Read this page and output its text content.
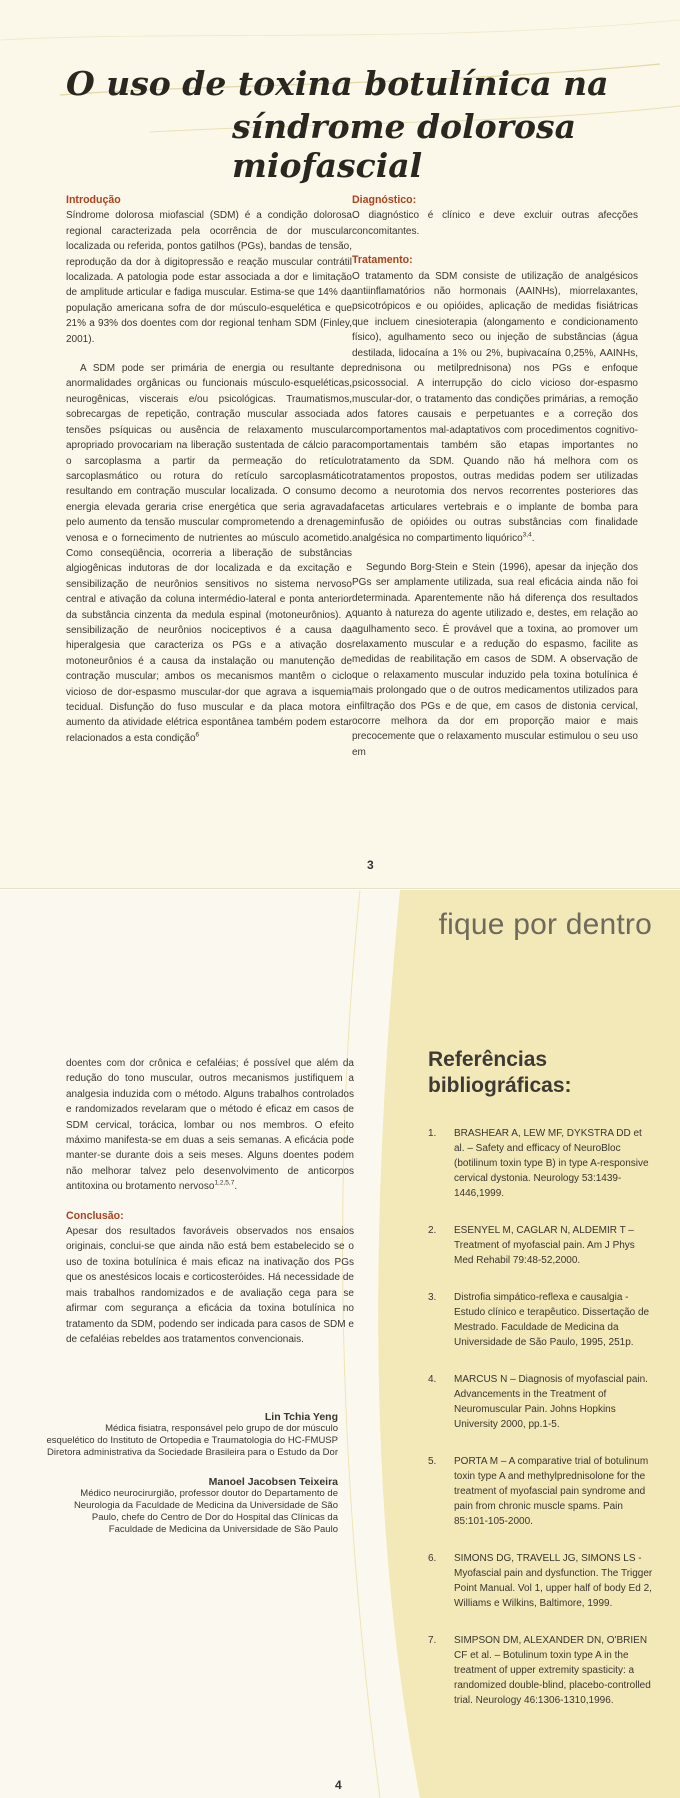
O uso de toxina botulínica na
síndrome dolorosa miofascial

Introdução

Síndrome dolorosa miofascial (SDM) é a condição dolorosa regional caracterizada pela ocorrência de dor muscular localizada ou referida, pontos gatilhos (PGs), bandas de tensão, reprodução da dor à digitopressão e reação muscular contrátil localizada. A patologia pode estar associada a dor e limitação de amplitude articular e fadiga muscular. Estima-se que 14% da população americana sofra de dor músculo-esquelética e que 21% a 93% dos doentes com dor regional tenham SDM (Finley, 2001).

A SDM pode ser primária de energia ou resultante de anormalidades orgânicas ou funcionais músculo-esqueléticas, neurogênicas, viscerais e/ou psicológicas. Traumatismos, sobrecargas de repetição, contração muscular associada a tensões psíquicas ou ausência de relaxamento muscular apropriado provocariam na liberação sustentada de cálcio para o sarcoplasma a partir da permeação do retículo sarcoplasmático ou rotura do retículo sarcoplasmático resultando em contração muscular localizada. O consumo de energia elevada geraria crise energética que seria agravada pelo aumento da tensão muscular comprometendo a drenagem venosa e o fornecimento de nutrientes ao músculo acometido. Como conseqüência, ocorreria a liberação de substâncias algiogênicas indutoras de dor localizada e da excitação e sensibilização de neurônios sensitivos no sistema nervoso central e ativação da coluna intermédio-lateral e ponta anterior da substância cinzenta da medula espinal (motoneurônios). A sensibilização de neurônios nociceptivos é a causa da hiperalgesia que caracteriza os PGs e a ativação dos motoneurônios é a causa da instalação ou manutenção de contração muscular; ambos os mecanismos mantêm o ciclo vicioso de dor-espasmo muscular-dor que agrava a isquemia tecidual. Disfunção do fuso muscular e da placa motora e aumento da atividade elétrica espontânea também podem estar relacionados a esta condição$^6$

Diagnóstico:

O diagnóstico é clínico e deve excluir outras afecções concomitantes.

Tratamento:

O tratamento da SDM consiste de utilização de analgésicos antiinflamatórios não hormonais (AAINHs), miorrelaxantes, psicotrópicos e ou opióides, aplicação de medidas fisiátricas que incluem cinesioterapia (alongamento e condicionamento físico), agulhamento seco ou injeção de substâncias (água destilada, lidocaína a 1% ou 2%, bupivacaína 0,25%, AAINHs, prednisona ou metilprednisona) nos PGs e enfoque psicossocial. A interrupção do ciclo vicioso dor-espasmo muscular-dor, o tratamento das condições primárias, a remoção dos fatores causais e perpetuantes e a correção dos comportamentos mal-adaptativos com procedimentos cognitivo-comportamentais também são etapas importantes no tratamento da SDM. Quando não há melhora com os tratamentos propostos, outras medidas podem ser utilizadas como a neurotomia dos nervos recorrentes posteriores das facetas articulares vertebrais e o implante de bomba para infusão de opióides ou outras substâncias com finalidade analgésica no compartimento liquórico$^{3,4}$.

Segundo Borg-Stein e Stein (1996), apesar da injeção dos PGs ser amplamente utilizada, sua real eficácia ainda não foi determinada. Aparentemente não há diferença dos resultados quanto à natureza do agente utilizado e, destes, em relação ao agulhamento seco. É provável que a toxina, ao promover um relaxamento muscular e a redução do espasmo, facilite as medidas de reabilitação em casos de SDM. A observação de que o relaxamento muscular induzido pela toxina botulínica é mais prolongado que o de outros medicamentos utilizados para infiltração dos PGs e de que, em casos de distonia cervical, ocorre melhora da dor em proporção maior e mais precocemente que o relaxamento muscular estimulou o seu uso em

3
fique por dentro

doentes com dor crônica e cefaléias; é possível que além da redução do tono muscular, outros mecanismos justifiquem a analgesia induzida com o método. Alguns trabalhos controlados e randomizados revelaram que o método é eficaz em casos de SDM cervical, torácica, lombar ou nos membros. O efeito máximo manifesta-se em duas a seis semanas. A eficácia pode manter-se durante dois a seis meses. Alguns doentes podem não melhorar talvez pelo desenvolvimento de anticorpos antitoxina ou brotamento nervoso$^{1,2,5,7}$.

Conclusão:

Apesar dos resultados favoráveis observados nos ensaios originais, conclui-se que ainda não está bem estabelecido se o uso de toxina botulínica é mais eficaz na inativação dos PGs que os anestésicos locais e corticosteróides. Há necessidade de mais trabalhos randomizados e de avaliação cega para se afirmar com segurança a eficácia da toxina botulínica no tratamento da SDM, podendo ser indicada para casos de SDM e de cefaléias rebeldes aos tratamentos convencionais.

Lin Tchia Yeng
Médica fisiatra, responsável pelo grupo de dor músculo
esquelético do Instituto de Ortopedia e Traumatologia do HC-FMUSP
Diretora administrativa da Sociedade Brasileira para o Estudo da Dor
Manoel Jacobsen Teixeira
Médico neurocirurgião, professor doutor do Departamento de
Neurologia da Faculdade de Medicina da Universidade de São
Paulo, chefe do Centro de Dor do Hospital das Clínicas da
Faculdade de Medicina da Universidade de São Paulo
4
Referências
bibliográficas:
1.	BRASHEAR A, LEW MF, DYKSTRA DD et al. – Safety and efficacy of NeuroBloc (botilinum toxin type B) in type A-responsive cervical dystonia. Neurology 53:1439-1446,1999.
2.	ESENYEL M, CAGLAR N, ALDEMIR T – Treatment of myofascial pain. Am J Phys Med Rehabil 79:48-52,2000.
3.	Distrofia simpático-reflexa e causalgia - Estudo clínico e terapêutico. Dissertação de Mestrado. Faculdade de Medicina da Universidade de São Paulo, 1995, 251p.
4.	MARCUS N – Diagnosis of myofascial pain. Advancements in the Treatment of Neuromuscular Pain. Johns Hopkins University 2000, pp.1-5.
5.	PORTA M – A comparative trial of botulinum toxin type A and methylprednisolone for the treatment of myofascial pain syndrome and pain from chronic muscle spams. Pain 85:101-105-2000.
6.	SIMONS DG, TRAVELL JG, SIMONS LS - Myofascial pain and dysfunction. The Trigger Point Manual. Vol 1, upper half of body Ed 2, Williams e Wilkins, Baltimore, 1999.
7.	SIMPSON DM, ALEXANDER DN, O'BRIEN CF et al. – Botulinum toxin type A in the treatment of upper extremity spasticity: a randomized double-blind, placebo-controlled trial. Neurology 46:1306-1310,1996.
